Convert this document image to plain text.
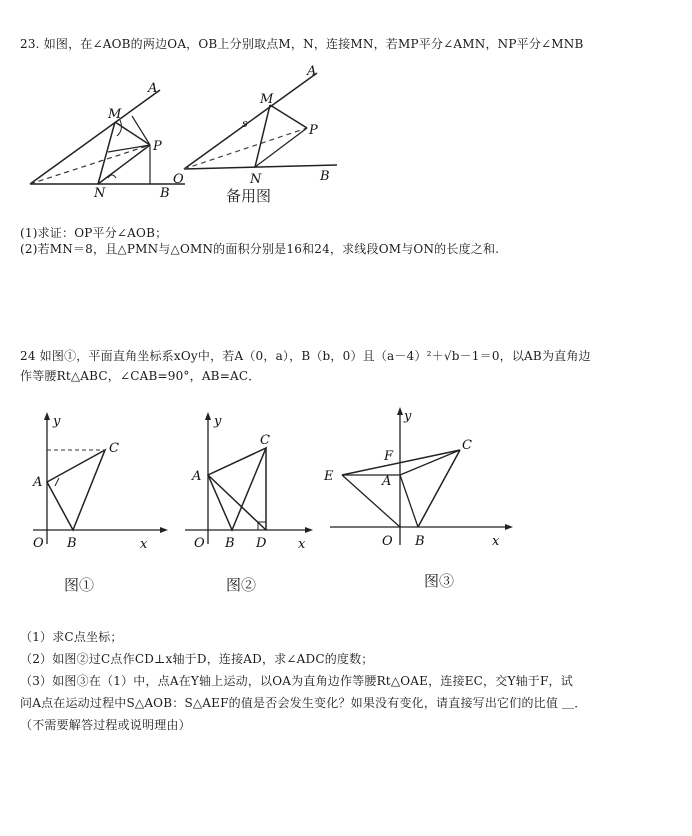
23. 如图，在∠AOB的两边OA，OB上分别取点M，N，连接MN，若MP平分∠AMN，NP平分∠MNB
A
M
P
N	B
O
A
M
P
N	B
s
备用图
(1)求证：OP平分∠AOB；
(2)若MN＝8，且△PMN与△OMN的面积分别是16和24，求线段OM与ON的长度之和.
24 如图①，平面直角坐标系xOy中，若A（0，a），B（b，0）且（a－4）²＋√b－1＝0，以AB为直角边
作等腰Rt△ABC，∠CAB=90°，AB=AC．
y
x
O
A
B
C
图①
y
x
O
A
B
C
D
图②
y
x
O
A
B
C
E
F
图③
（1）求C点坐标；
（2）如图②过C点作CD⊥x轴于D，连接AD，求∠ADC的度数；
（3）如图③在（1）中，点A在Y轴上运动，以OA为直角边作等腰Rt△OAE，连接EC，交Y轴于F，试
问A点在运动过程中S△AOB：S△AEF的值是否会发生变化？如果没有变化，请直接写出它们的比值 ＿．
（不需要解答过程或说明理由）
